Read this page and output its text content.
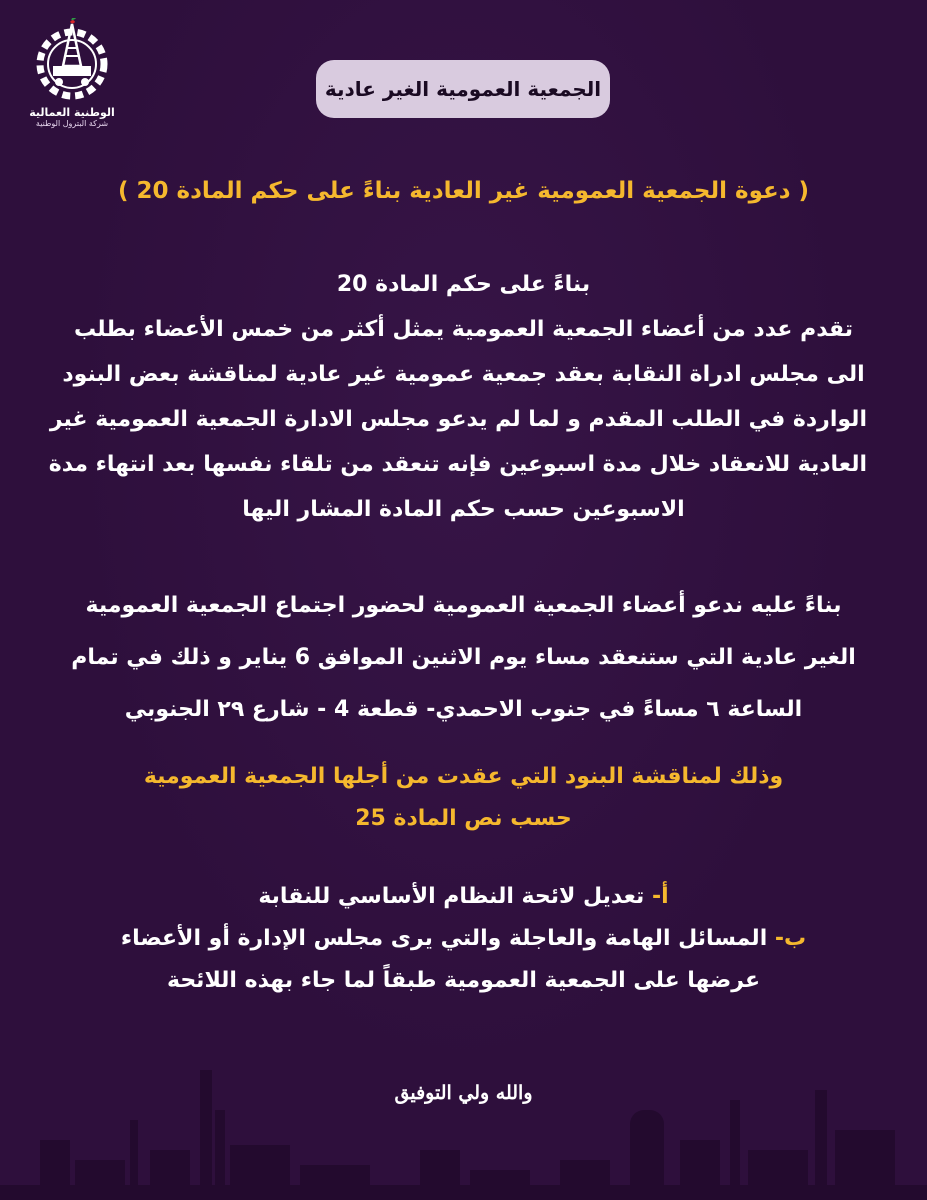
الوطنية العمالية
شركة البترول الوطنية
الجمعية العمومية الغير عادية
···
( دعوة الجمعية العمومية غير العادية بناءً على حكم المادة 20 )
بناءً على حكم المادة 20
تقدم عدد من أعضاء الجمعية العمومية يمثل أكثر من خمس الأعضاء بطلب
الى مجلس ادراة النقابة بعقد جمعية عمومية غير عادية لمناقشة بعض البنود
الواردة في الطلب المقدم و لما لم يدعو مجلس الادارة الجمعية العمومية غير
العادية للانعقاد خلال مدة اسبوعين فإنه تنعقد من تلقاء نفسها بعد انتهاء مدة
الاسبوعين حسب حكم المادة المشار اليها
بناءً عليه ندعو أعضاء الجمعية العمومية لحضور اجتماع الجمعية العمومية
الغير عادية التي ستنعقد مساء يوم الاثنين الموافق 6 يناير و ذلك في تمام
الساعة ٦ مساءً في جنوب الاحمدي- قطعة 4 - شارع ٢٩ الجنوبي
وذلك لمناقشة البنود التي عقدت من أجلها الجمعية العمومية
حسب نص المادة 25
أ- تعديل لائحة النظام الأساسي للنقابة
ب- المسائل الهامة والعاجلة والتي يرى مجلس الإدارة أو الأعضاء
عرضها على الجمعية العمومية طبقاً لما جاء بهذه اللائحة
والله ولي التوفيق
